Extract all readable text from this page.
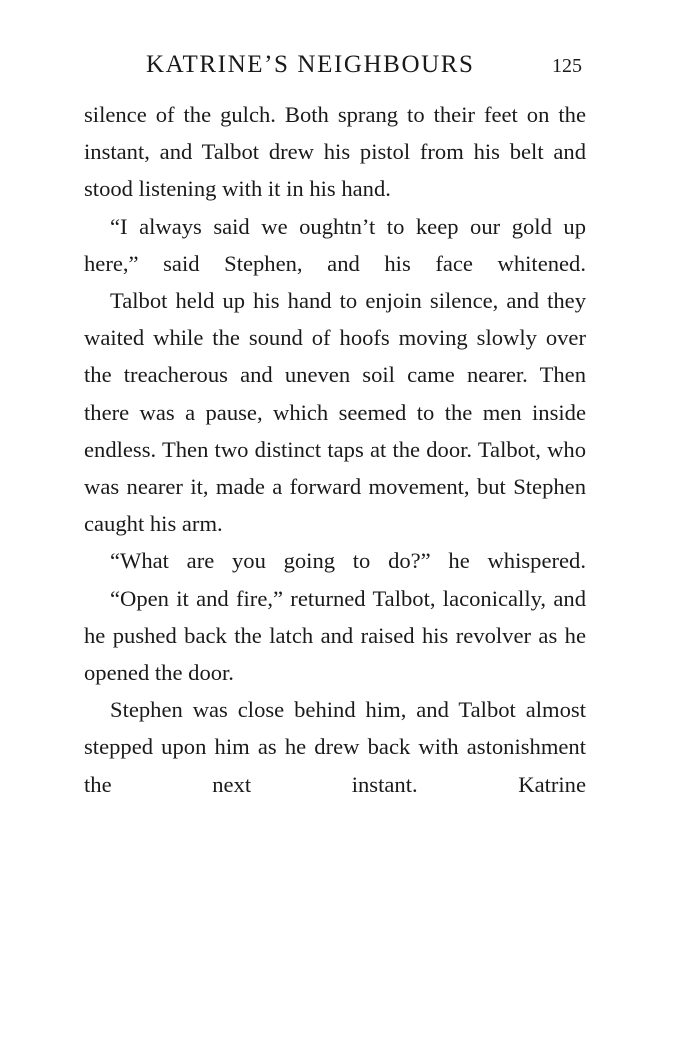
KATRINE’S NEIGHBOURS	125

silence of the gulch. Both sprang to their feet on the instant, and Talbot drew his pistol from his belt and stood listening with it in his hand.

“I always said we oughtn’t to keep our gold up here,” said Stephen, and his face whitened.

Talbot held up his hand to enjoin silence, and they waited while the sound of hoofs moving slowly over the treacherous and uneven soil came nearer. Then there was a pause, which seemed to the men inside endless. Then two distinct taps at the door. Talbot, who was nearer it, made a forward movement, but Stephen caught his arm.

“What are you going to do?” he whispered.

“Open it and fire,” returned Talbot, laconically, and he pushed back the latch and raised his revolver as he opened the door.

Stephen was close behind him, and Talbot almost stepped upon him as he drew back with astonishment the next instant. Katrine
